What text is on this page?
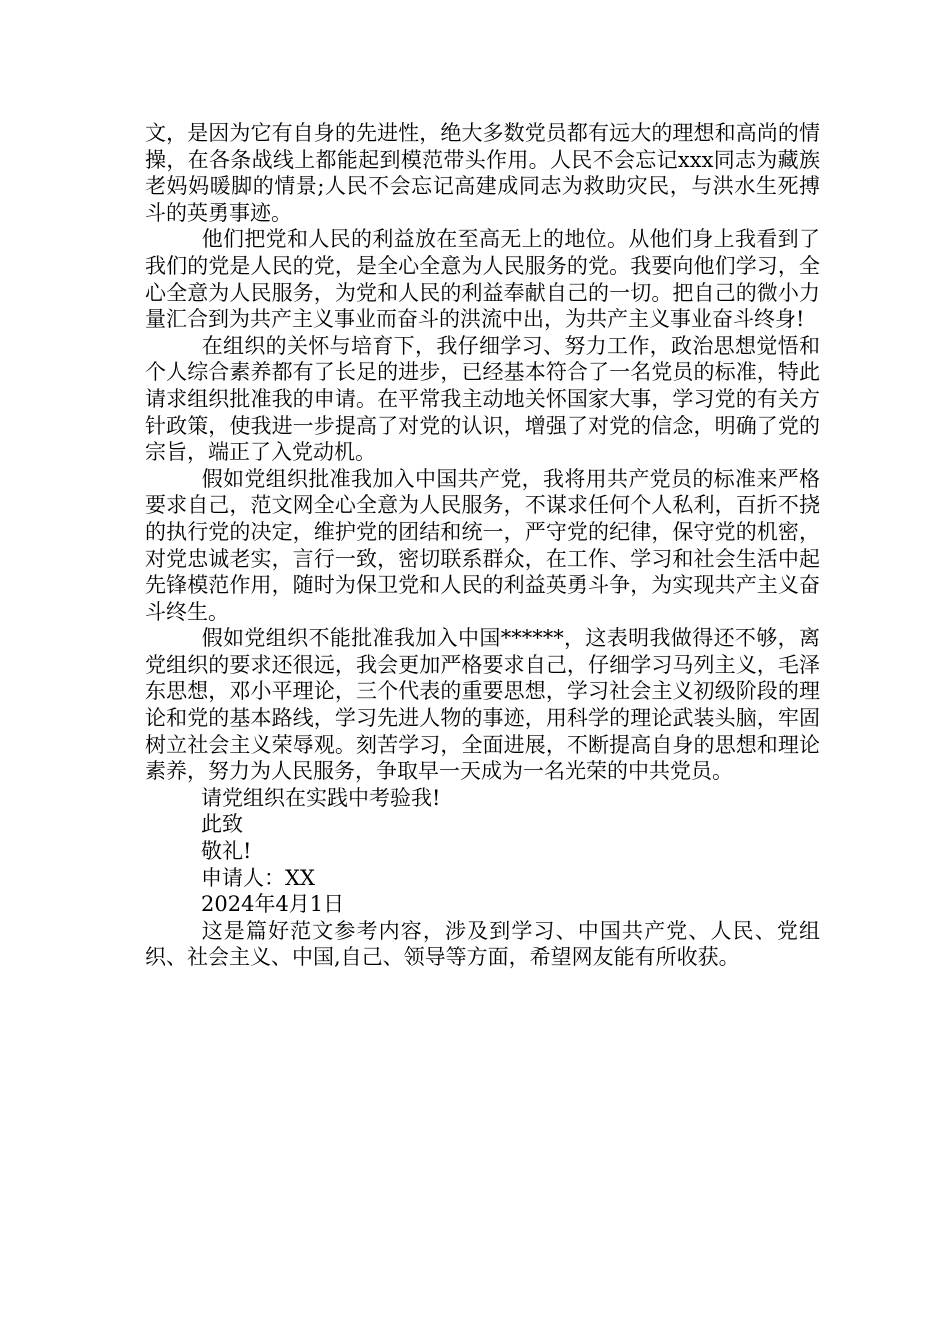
文，是因为它有自身的先进性，绝大多数党员都有远大的理想和高尚的情操，在各条战线上都能起到模范带头作用。人民不会忘记xxx同志为藏族老妈妈暖脚的情景;人民不会忘记高建成同志为救助灾民，与洪水生死搏斗的英勇事迹。

他们把党和人民的利益放在至高无上的地位。从他们身上我看到了我们的党是人民的党，是全心全意为人民服务的党。我要向他们学习，全心全意为人民服务，为党和人民的利益奉献自己的一切。把自己的微小力量汇合到为共产主义事业而奋斗的洪流中出，为共产主义事业奋斗终身!

在组织的关怀与培育下，我仔细学习、努力工作，政治思想觉悟和个人综合素养都有了长足的进步，已经基本符合了一名党员的标准，特此请求组织批准我的申请。在平常我主动地关怀国家大事，学习党的有关方针政策，使我进一步提高了对党的认识，增强了对党的信念，明确了党的宗旨，端正了入党动机。

假如党组织批准我加入中国共产党，我将用共产党员的标准来严格要求自己，范文网全心全意为人民服务，不谋求任何个人私利，百折不挠的执行党的决定，维护党的团结和统一，严守党的纪律，保守党的机密，对党忠诚老实，言行一致，密切联系群众，在工作、学习和社会生活中起先锋模范作用，随时为保卫党和人民的利益英勇斗争，为实现共产主义奋斗终生。

假如党组织不能批准我加入中国******，这表明我做得还不够，离党组织的要求还很远，我会更加严格要求自己，仔细学习马列主义，毛泽东思想，邓小平理论，三个代表的重要思想，学习社会主义初级阶段的理论和党的基本路线，学习先进人物的事迹，用科学的理论武装头脑，牢固树立社会主义荣辱观。刻苦学习，全面进展，不断提高自身的思想和理论素养，努力为人民服务，争取早一天成为一名光荣的中共党员。

请党组织在实践中考验我!

此致

敬礼!

申请人：XX

2024年4月1日

这是篇好范文参考内容，涉及到学习、中国共产党、人民、党组织、社会主义、中国,自己、领导等方面，希望网友能有所收获。
